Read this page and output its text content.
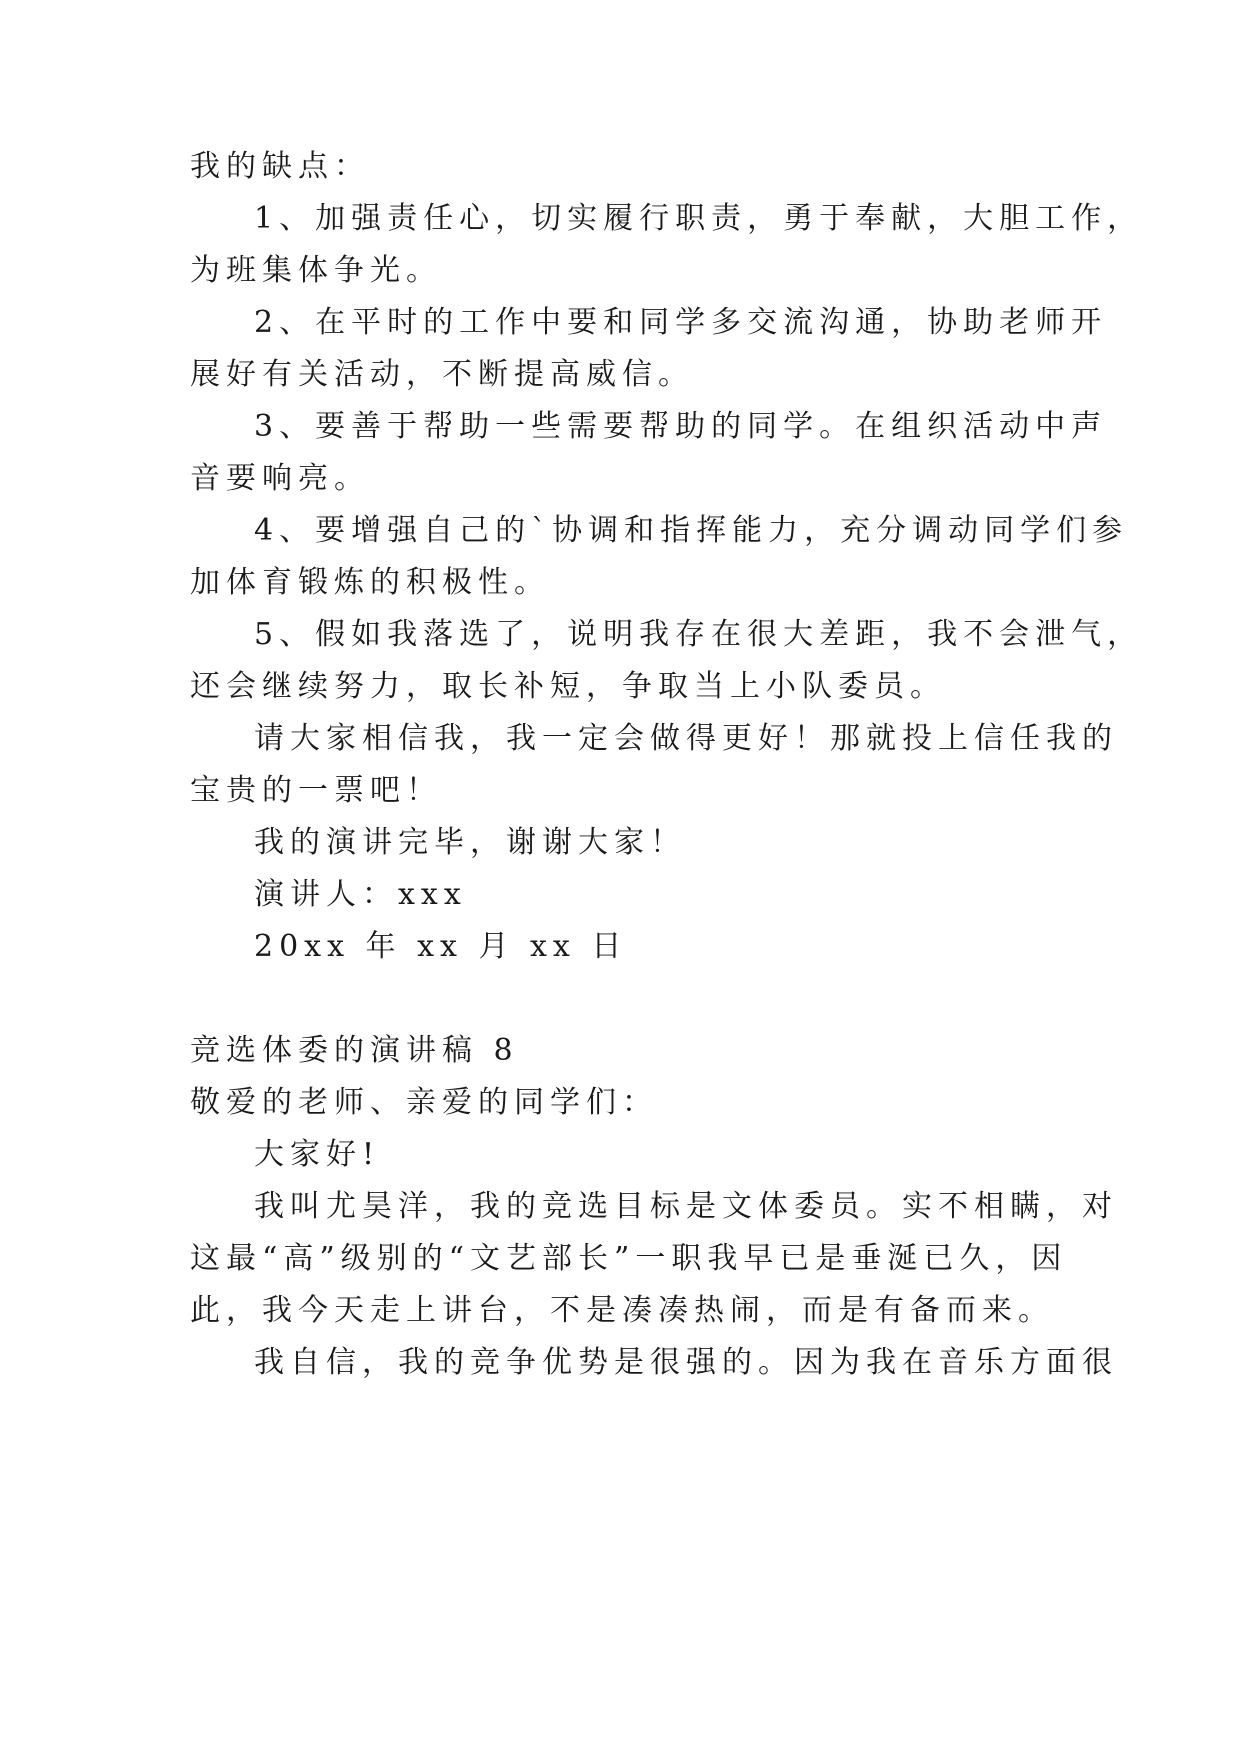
我的缺点：
1、加强责任心，切实履行职责，勇于奉献，大胆工作，
为班集体争光。
2、在平时的工作中要和同学多交流沟通，协助老师开
展好有关活动，不断提高威信。
3、要善于帮助一些需要帮助的同学。在组织活动中声
音要响亮。
4、要增强自己的`协调和指挥能力，充分调动同学们参
加体育锻炼的积极性。
5、假如我落选了，说明我存在很大差距，我不会泄气，
还会继续努力，取长补短，争取当上小队委员。
请大家相信我，我一定会做得更好！那就投上信任我的
宝贵的一票吧！
我的演讲完毕，谢谢大家！
演讲人：xxx
20xx 年 xx 月 xx 日
竞选体委的演讲稿 8
敬爱的老师、亲爱的同学们：
大家好!
我叫尤昊洋，我的竞选目标是文体委员。实不相瞒，对
这最“高”级别的“文艺部长”一职我早已是垂涎已久，因
此，我今天走上讲台，不是凑凑热闹，而是有备而来。
我自信，我的竞争优势是很强的。因为我在音乐方面很
